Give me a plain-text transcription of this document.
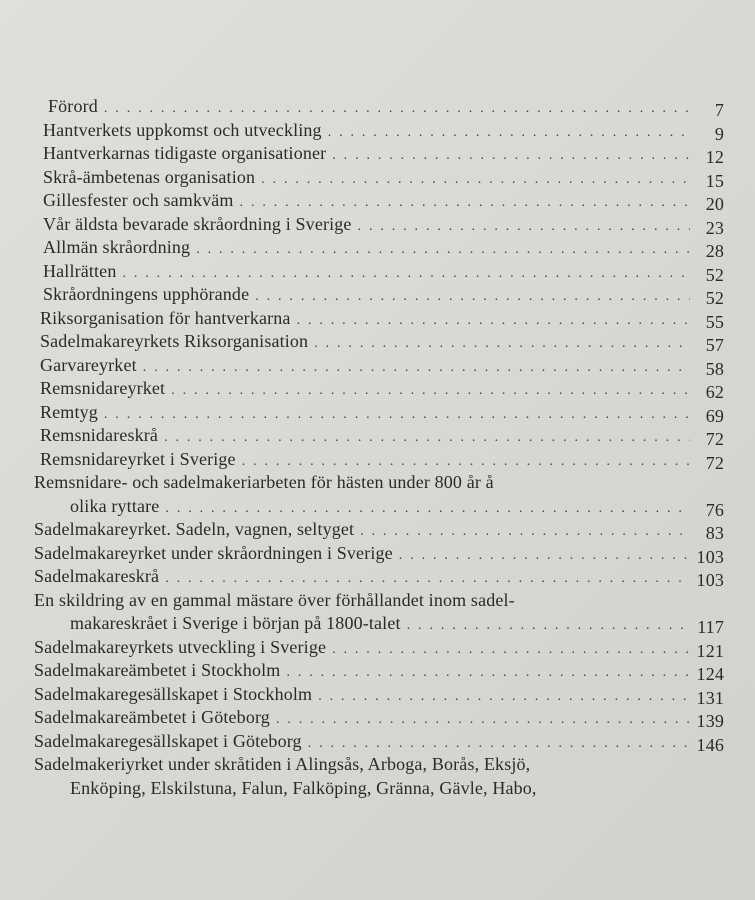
Förord . . .	7
Hantverkets uppkomst och utveckling . . .	9
Hantverkarnas tidigaste organisationer . . .	12
Skrå-ämbetenas organisation . . .	15
Gillesfester och samkväm . . .	20
Vår äldsta bevarade skråordning i Sverige . . .	23
Allmän skråordning . . .	28
Hallrätten . . .	52
Skråordningens upphörande . . .	52
Riksorganisation för hantverkarna . . .	55
Sadelmakareyrkets Riksorganisation . . .	57
Garvareyrket . . .	58
Remsnidareyrket . . .	62
Remtyg . . .	69
Remsnidareskrå . . .	72
Remsnidareyrket i Sverige . . .	72
Remsnidare- och sadelmakeriarbeten för hästen under 800 år å
olika ryttare . . .	76
Sadelmakareyrket. Sadeln, vagnen, seltyget . . .	83
Sadelmakareyrket under skråordningen i Sverige . . .	103
Sadelmakareskrå . . .	103
En skildring av en gammal mästare över förhållandet inom sadel-
makareskrået i Sverige i början på 1800-talet . . .	117
Sadelmakareyrkets utveckling i Sverige . . .	121
Sadelmakareämbetet i Stockholm . . .	124
Sadelmakaregesällskapet i Stockholm . . .	131
Sadelmakareämbetet i Göteborg . . .	139
Sadelmakaregesällskapet i Göteborg . . .	146
Sadelmakeriyrket under skråtiden i Alingsås, Arboga, Borås, Eksjö,
Enköping, Elskilstuna, Falun, Falköping, Gränna, Gävle, Habo,
